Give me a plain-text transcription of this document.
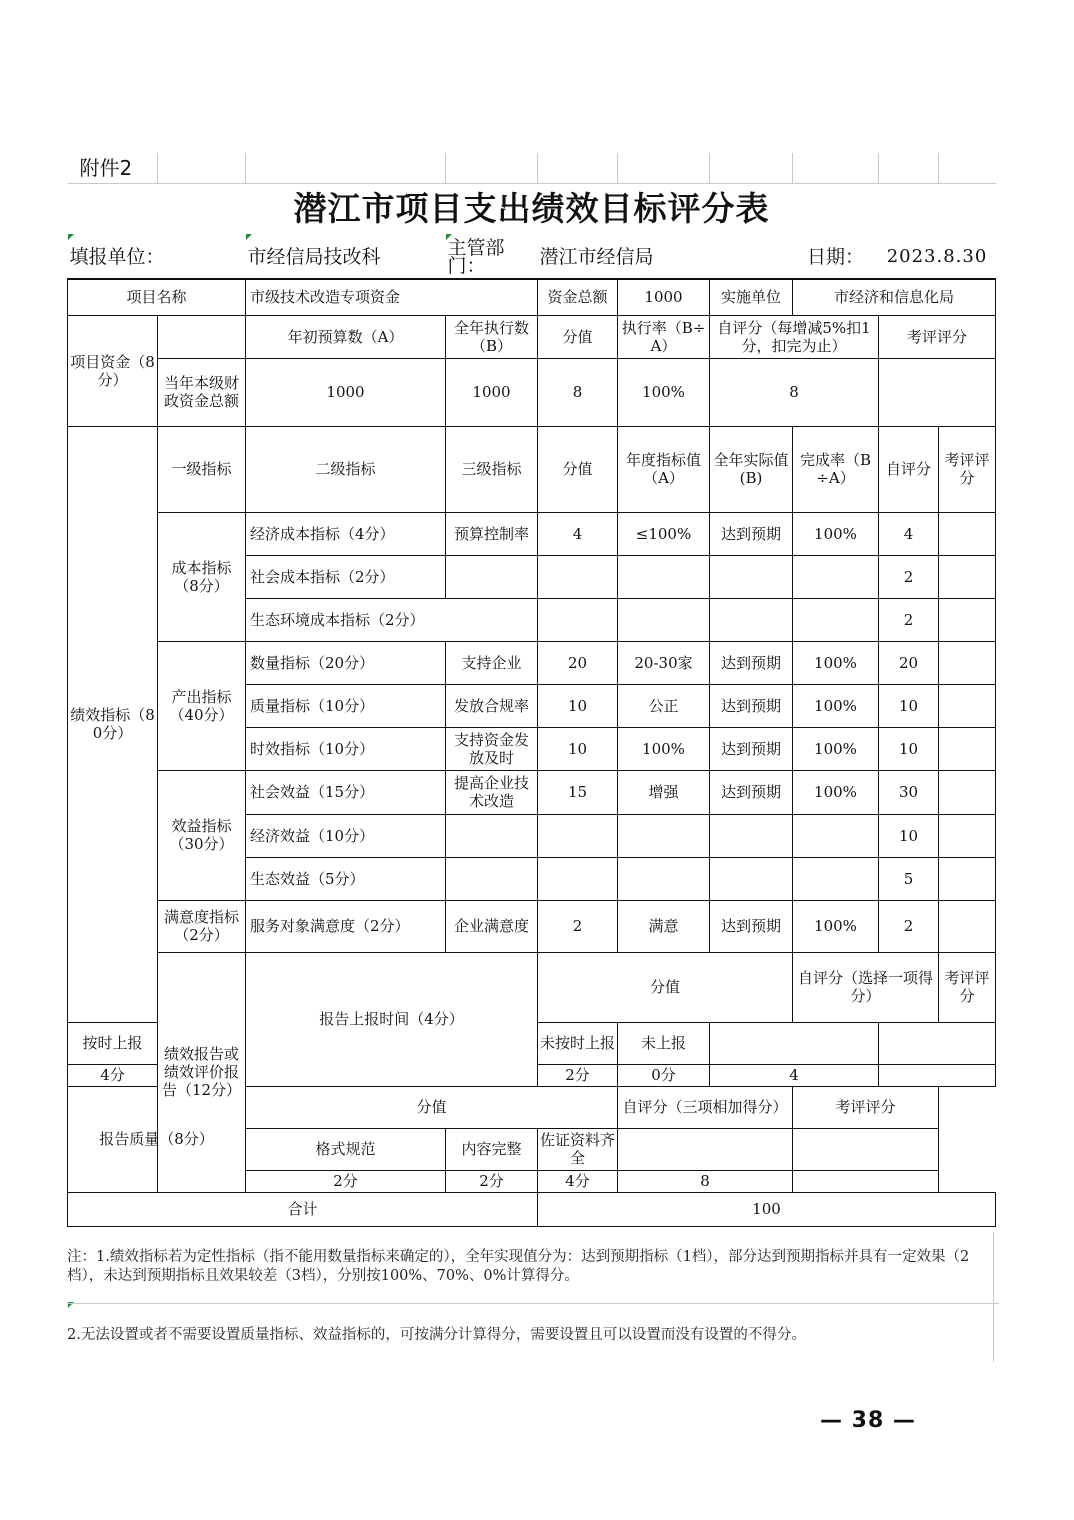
附件2										
潜江市项目支出绩效目标评分表										
填报单位：		市经信局技改科	主管部门：	潜江市经信局			日期：	2023.8.30		
项目名称		市级技术改造专项资金		资金总额	1000	实施单位	市经济和信息化局			
项目资金（8分）		年初预算数（A）	全年执行数（B）	分值	执行率（B÷A）	自评分（每增减5%扣1分，扣完为止）		考评评分		
	当年本级财政资金总额	1000	1000	8	100%	8				
绩效指标（80分）	一级指标	二级指标	三级指标	分值	年度指标值（A）	全年实际值(B)	完成率（B÷A）	自评分	考评评分	
	成本指标（8分）	经济成本指标（4分）	预算控制率	4	≤100%	达到预期	100%	4		
		社会成本指标（2分）						2		
		生态环境成本指标（2分）						2		
	产出指标（40分）	数量指标（20分）	支持企业	20	20-30家	达到预期	100%	20		
		质量指标（10分）	发放合规率	10	公正	达到预期	100%	10		
		时效指标（10分）	支持资金发放及时	10	100%	达到预期	100%	10		
	效益指标（30分）	社会效益（15分）	提高企业技术改造	15	增强	达到预期	100%	30		
		经济效益（10分）						10		
		生态效益（5分）						5		
	满意度指标（2分）	服务对象满意度（2分）	企业满意度	2	满意	达到预期	100%	2		
	绩效报告或绩效评价报告（12分）	报告上报时间（4分）		分值			自评分（选择一项得分）		考评评分	
按时上报				未按时上报	未上报					
4分				2分	0分	4				
报告质量（8分）		分值			自评分（三项相加得分）		考评评分			
		格式规范	内容完整	佐证资料齐全						
		2分	2分	4分	8					
合计				100						
注：1.绩效指标若为定性指标（指不能用数量指标来确定的），全年实现值分为：达到预期指标（1档），部分达到预期指标并具有一定效果（2档），未达到预期指标且效果较差（3档），分别按100%、70%、0%计算得分。
2.无法设置或者不需要设置质量指标、效益指标的，可按满分计算得分，需要设置且可以设置而没有设置的不得分。
— 38 —
